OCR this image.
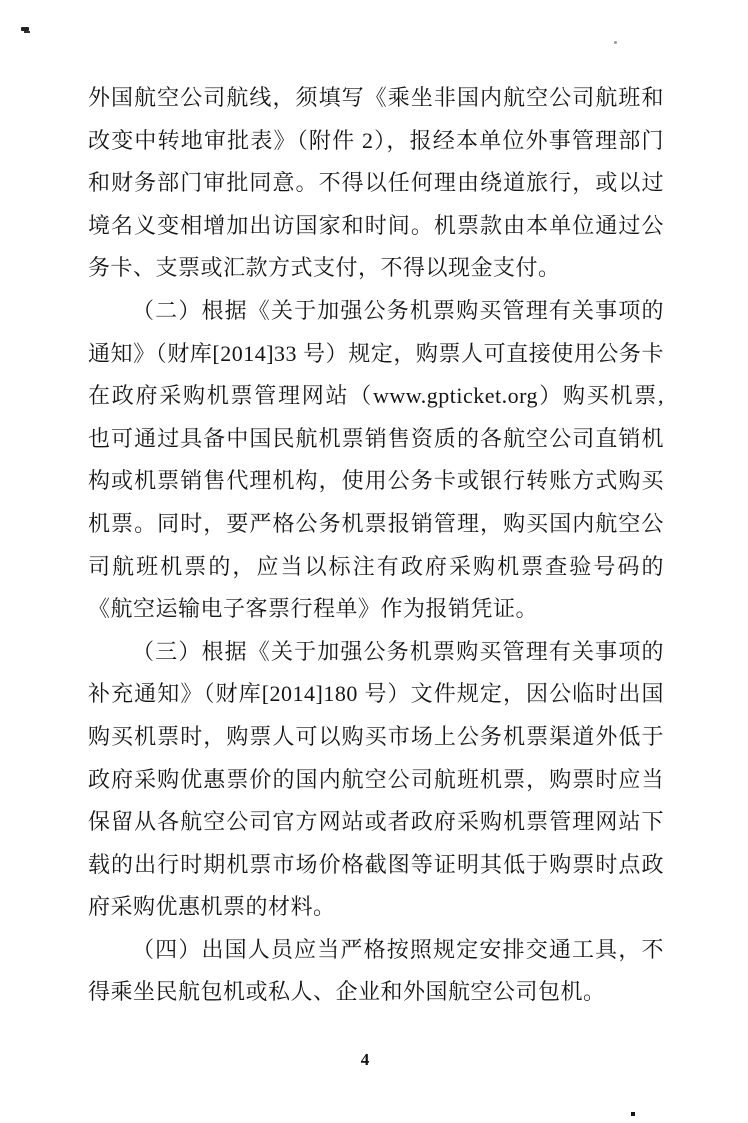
外国航空公司航线，须填写《乘坐非国内航空公司航班和改变中转地审批表》（附件 2），报经本单位外事管理部门和财务部门审批同意。不得以任何理由绕道旅行，或以过境名义变相增加出访国家和时间。机票款由本单位通过公务卡、支票或汇款方式支付，不得以现金支付。

（二）根据《关于加强公务机票购买管理有关事项的通知》（财库[2014]33 号）规定，购票人可直接使用公务卡在政府采购机票管理网站（www.gpticket.org）购买机票,也可通过具备中国民航机票销售资质的各航空公司直销机构或机票销售代理机构，使用公务卡或银行转账方式购买机票。同时，要严格公务机票报销管理，购买国内航空公司航班机票的，应当以标注有政府采购机票查验号码的《航空运输电子客票行程单》作为报销凭证。

（三）根据《关于加强公务机票购买管理有关事项的补充通知》（财库[2014]180 号）文件规定，因公临时出国购买机票时，购票人可以购买市场上公务机票渠道外低于政府采购优惠票价的国内航空公司航班机票，购票时应当保留从各航空公司官方网站或者政府采购机票管理网站下载的出行时期机票市场价格截图等证明其低于购票时点政府采购优惠机票的材料。

（四）出国人员应当严格按照规定安排交通工具，不得乘坐民航包机或私人、企业和外国航空公司包机。

4
